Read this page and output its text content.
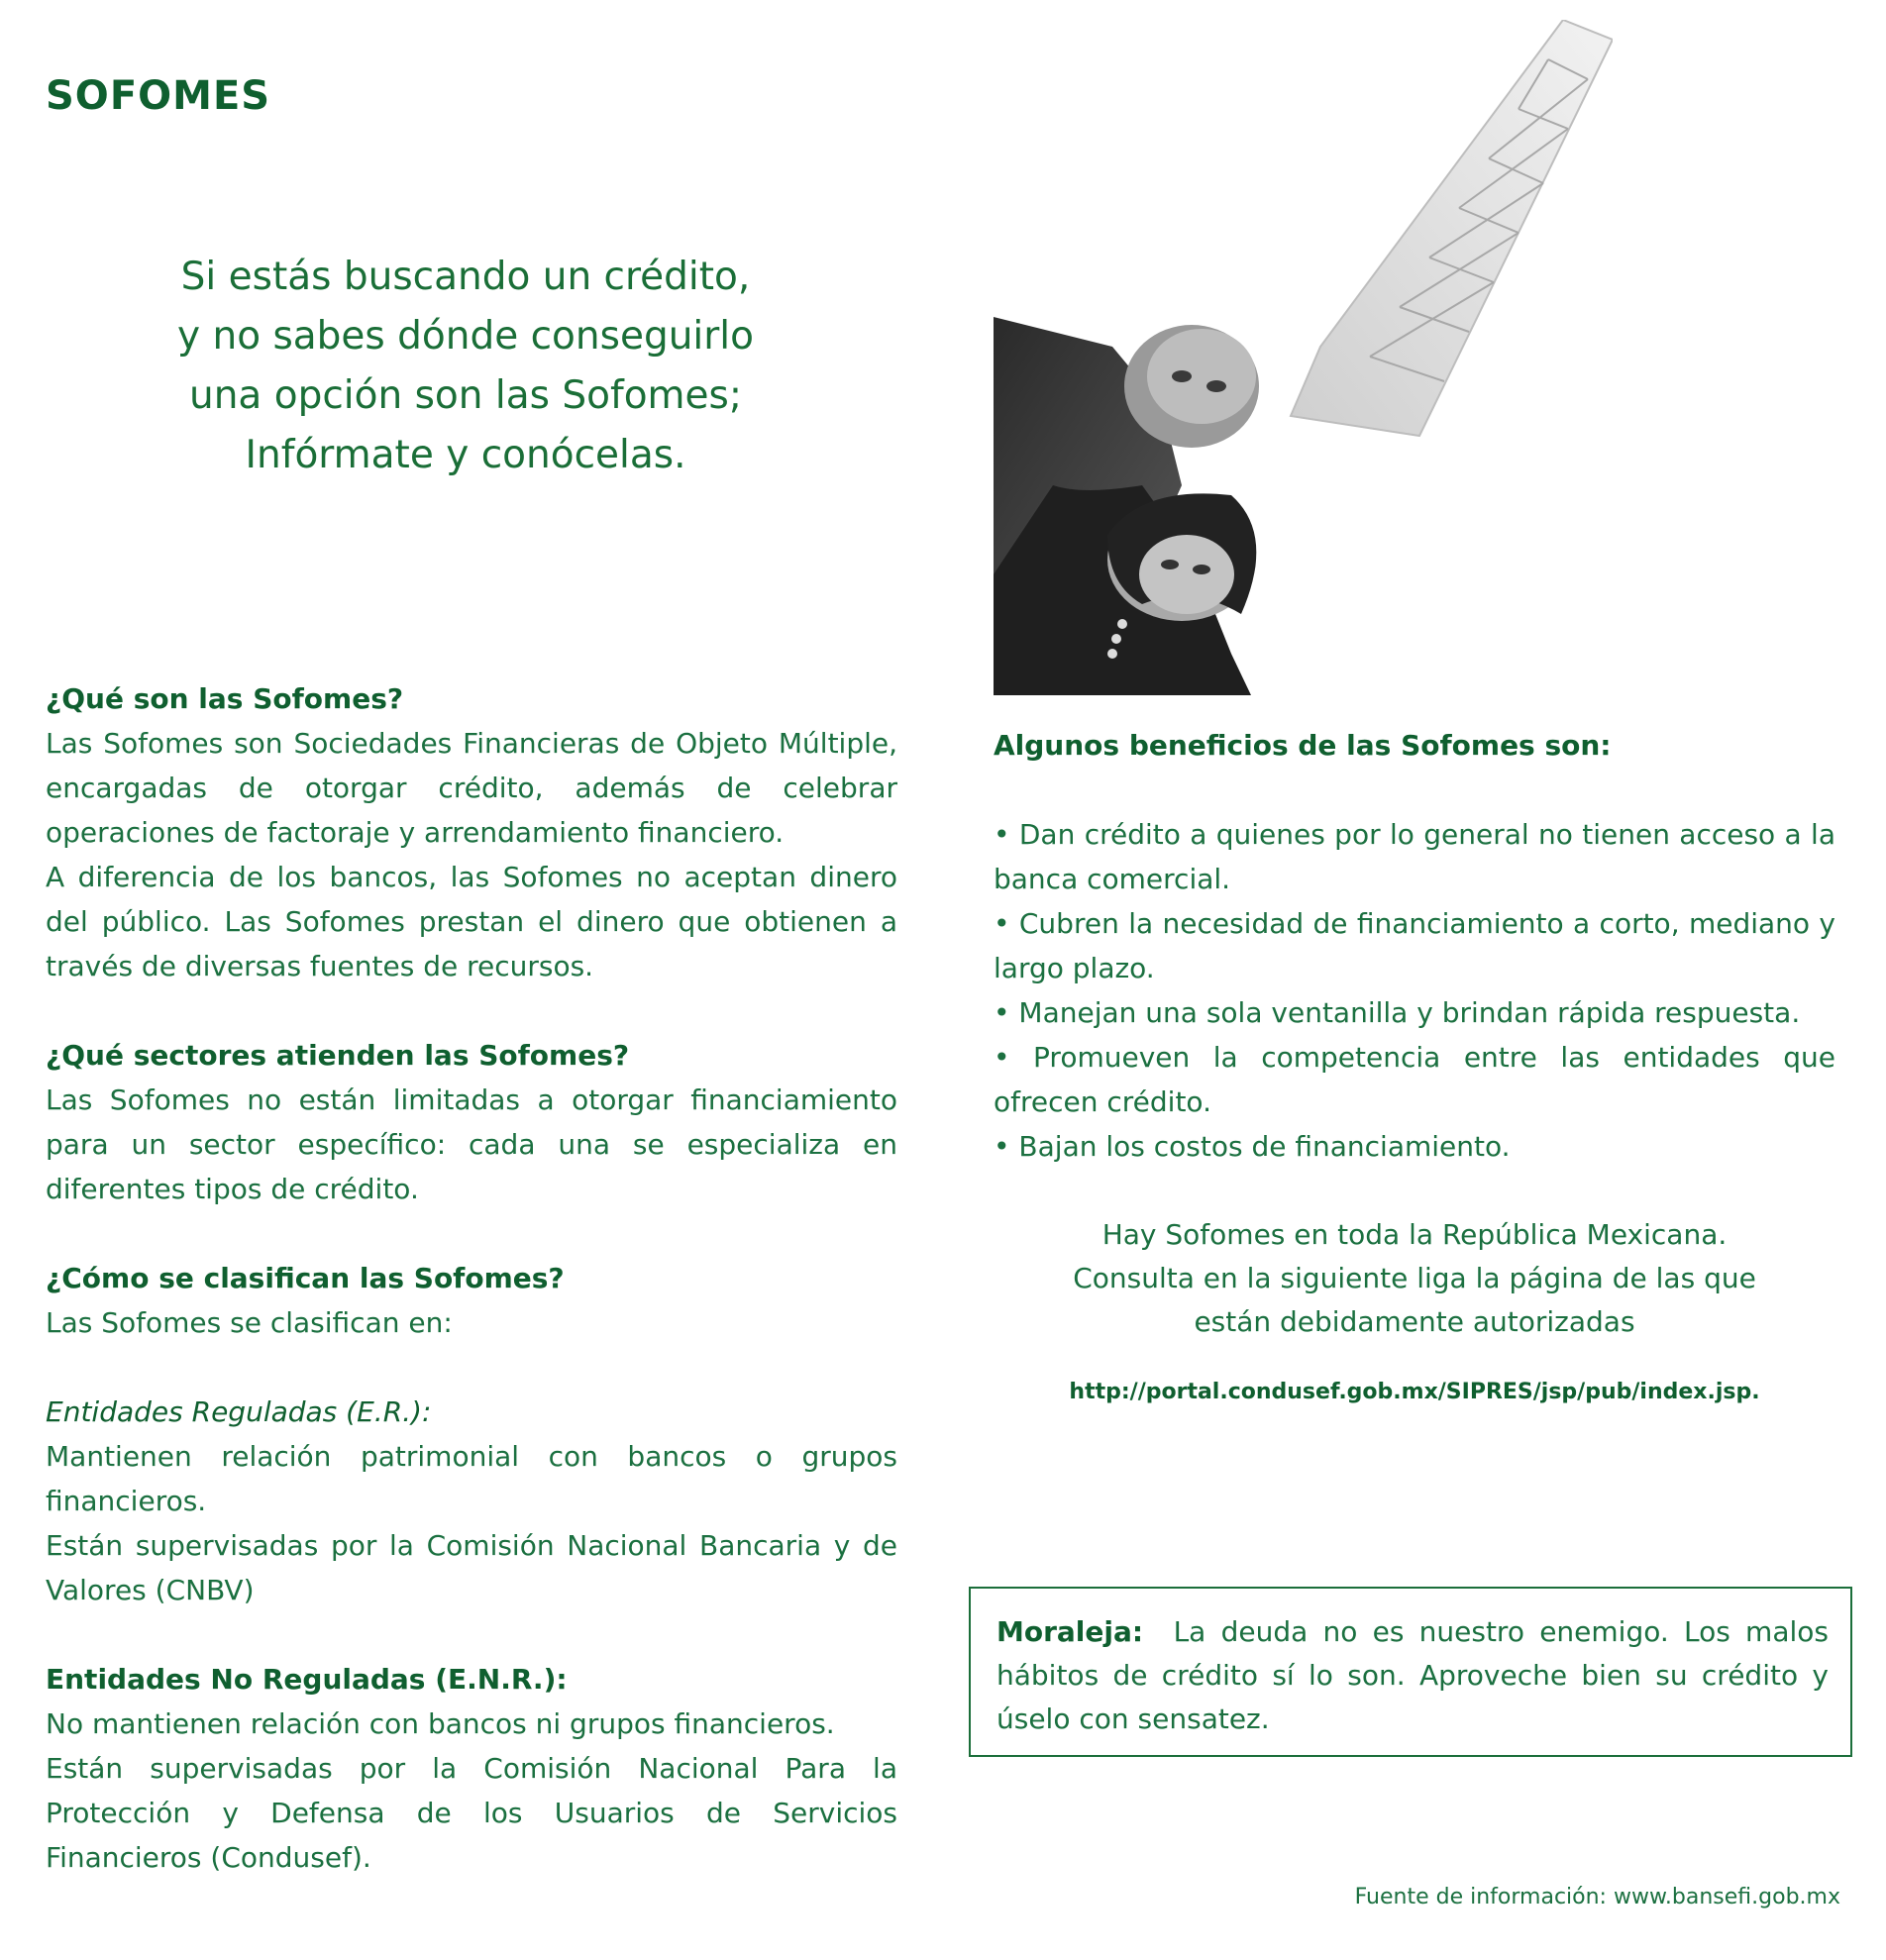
SOFOMES
Si estás buscando un crédito,
y no sabes dónde conseguirlo
una opción son las Sofomes;
Infórmate y conócelas.

¿Qué son las Sofomes?

Las Sofomes son Sociedades Financieras de Objeto Múltiple, encargadas de otorgar crédito, además de celebrar operaciones de factoraje y arrendamiento financiero.

A diferencia de los bancos, las Sofomes no aceptan dinero del público. Las Sofomes prestan el dinero que obtienen a través de diversas fuentes de recursos.

¿Qué sectores atienden las Sofomes?

Las Sofomes no están limitadas a otorgar financiamiento para un sector específico: cada una se especializa en diferentes tipos de crédito.

¿Cómo se clasifican las Sofomes?

Las Sofomes se clasifican en:

Entidades Reguladas (E.R.):

Mantienen relación patrimonial con bancos o grupos financieros.

Están supervisadas por la Comisión Nacional Bancaria y de Valores (CNBV)

Entidades No Reguladas (E.N.R.):

No mantienen relación con bancos ni grupos financieros.

Están supervisadas por la Comisión Nacional Para la Protección y Defensa de los Usuarios de Servicios Financieros (Condusef).

Algunos beneficios de las Sofomes son:

• Dan crédito a quienes por lo general no tienen acceso a la banca comercial.

• Cubren la necesidad de financiamiento a corto, mediano y largo plazo.

• Manejan una sola ventanilla y brindan rápida respuesta.

• Promueven la competencia entre las entidades que ofrecen crédito.

• Bajan los costos de financiamiento.

Hay Sofomes en toda la República Mexicana.
Consulta en la siguiente liga la página de las que
están debidamente autorizadas
http://portal.condusef.gob.mx/SIPRES/jsp/pub/index.jsp.
Moraleja: La deuda no es nuestro enemigo. Los malos hábitos de crédito sí lo son. Aproveche bien su crédito y úselo con sensatez.
Fuente de información: www.bansefi.gob.mx
